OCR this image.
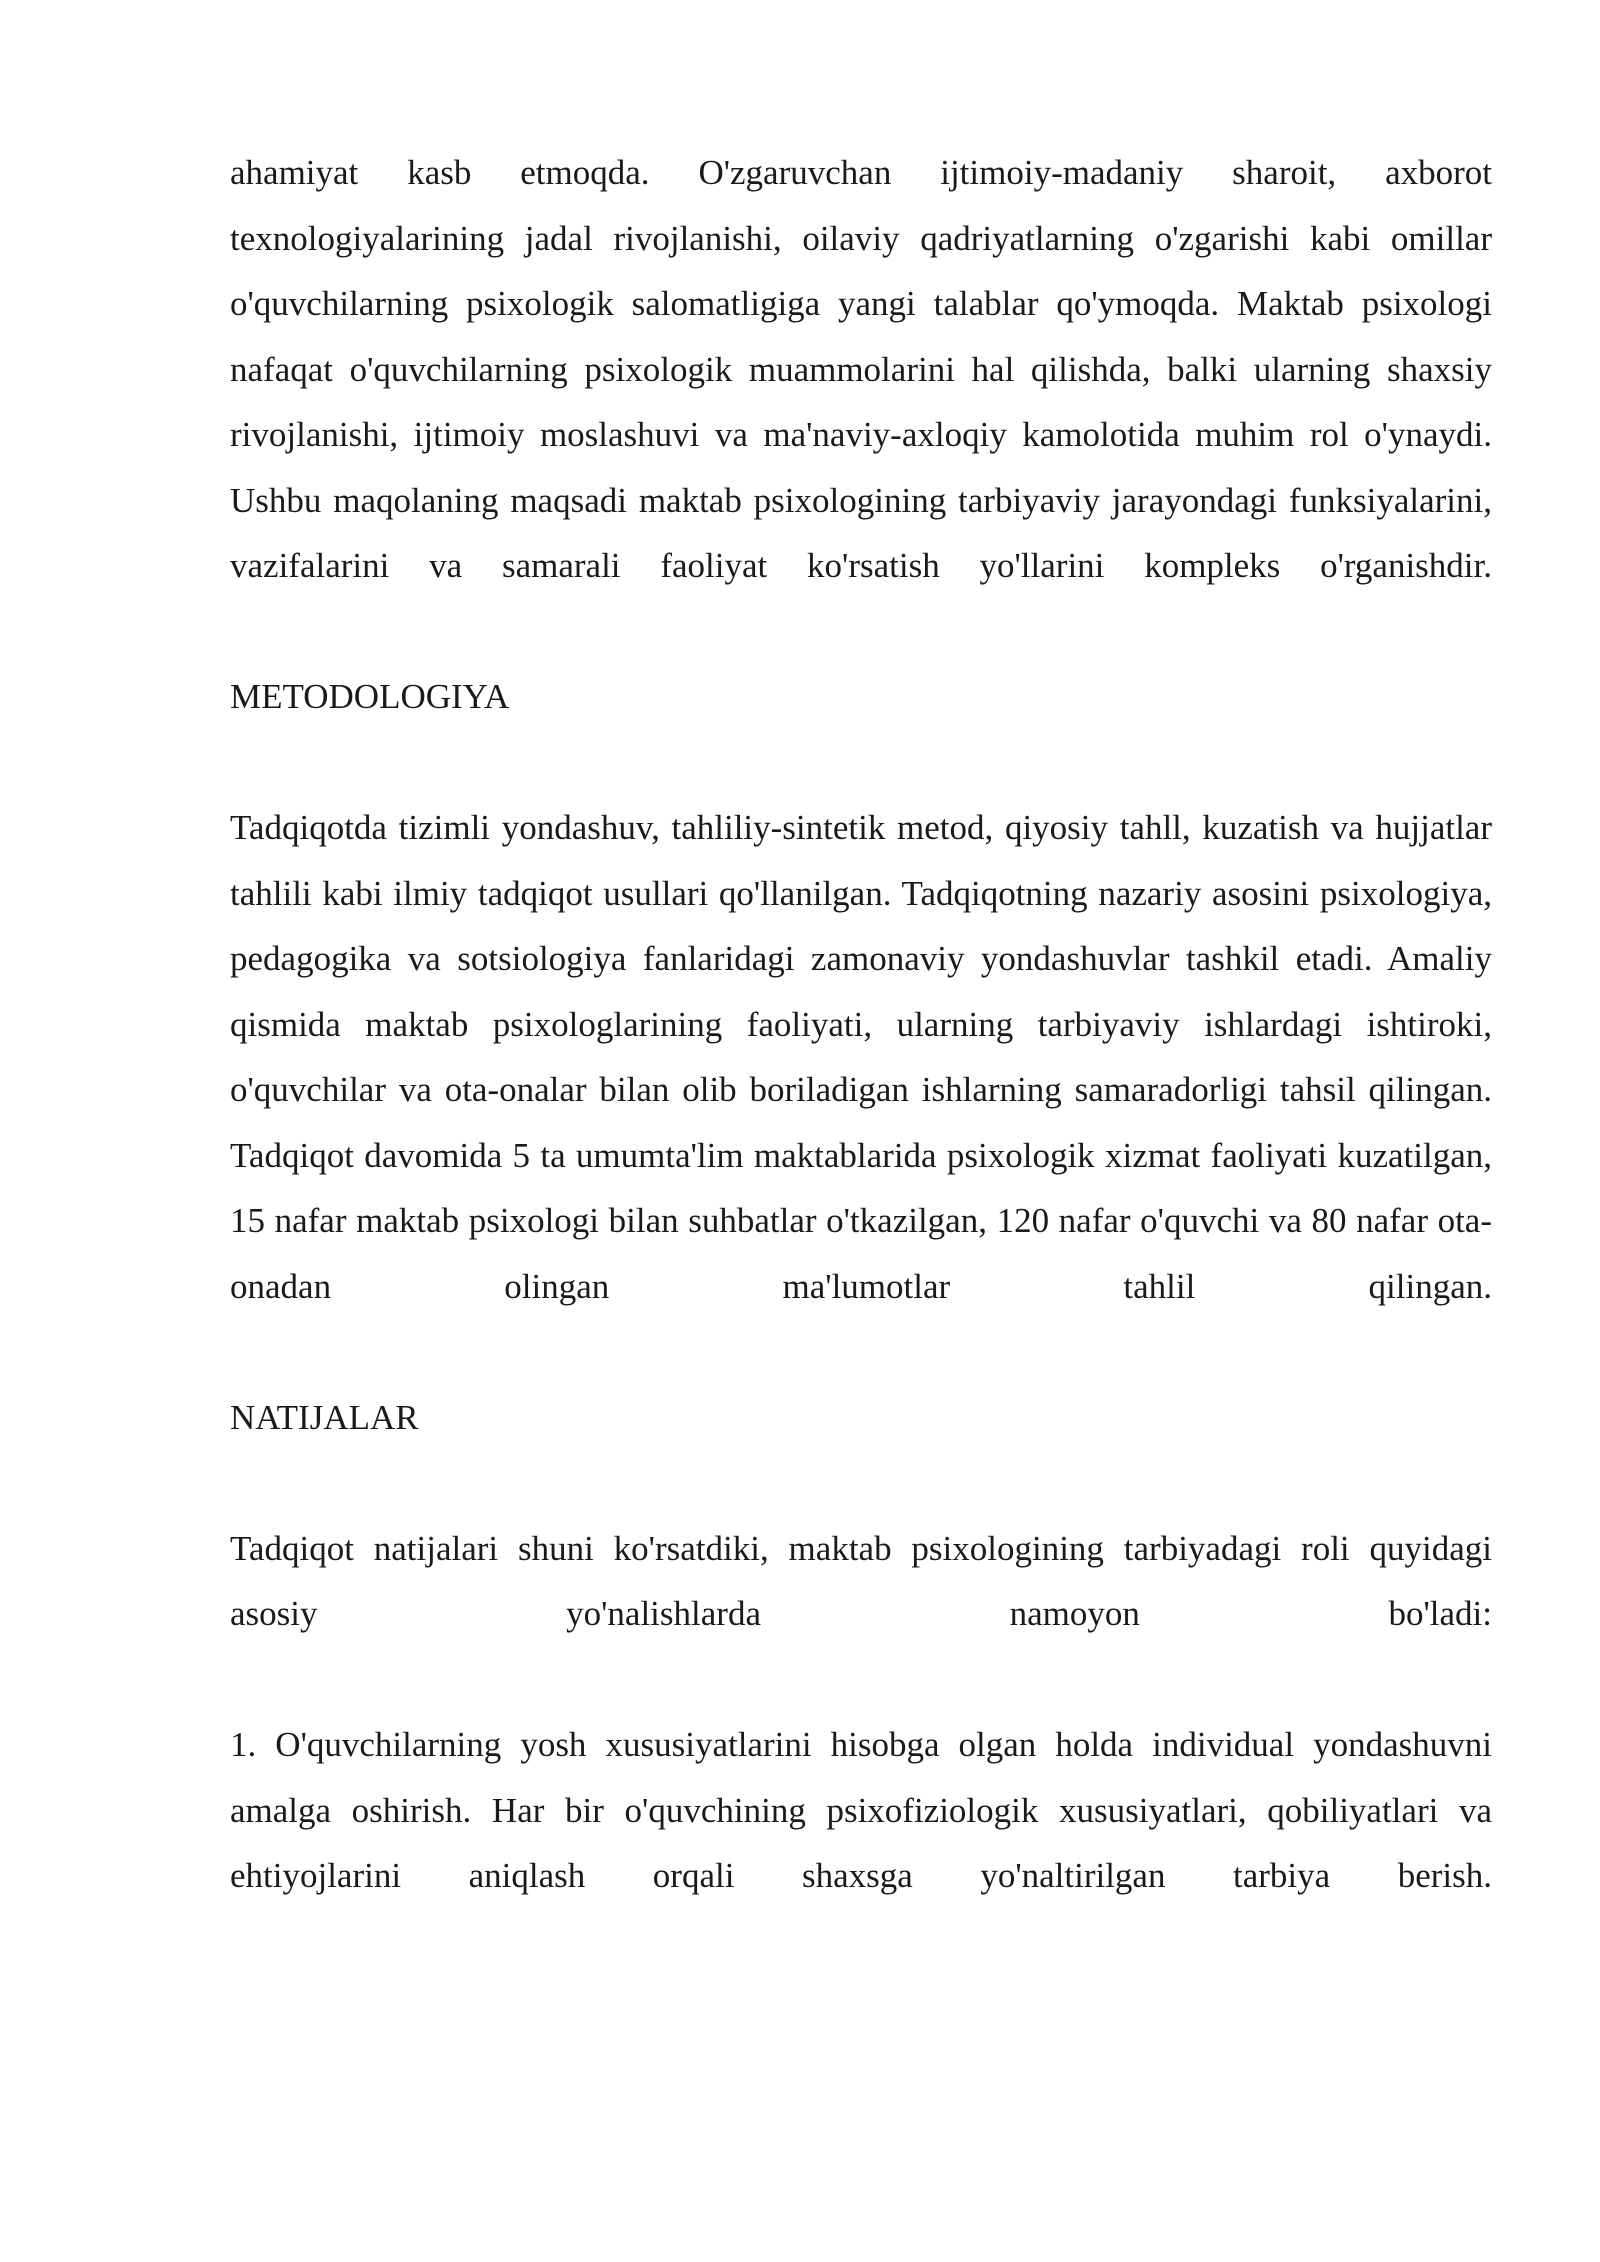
ahamiyat kasb etmoqda. O'zgaruvchan ijtimoiy-madaniy sharoit, axborot texnologiyalarining jadal rivojlanishi, oilaviy qadriyatlarning o'zgarishi kabi omillar o'quvchilarning psixologik salomatligiga yangi talablar qo'ymoqda. Maktab psixologi nafaqat o'quvchilarning psixologik muammolarini hal qilishda, balki ularning shaxsiy rivojlanishi, ijtimoiy moslashuvi va ma'naviy-axloqiy kamolotida muhim rol o'ynaydi. Ushbu maqolaning maqsadi maktab psixologining tarbiyaviy jarayondagi funksiyalarini, vazifalarini va samarali faoliyat ko'rsatish yo'llarini kompleks o'rganishdir.

METODOLOGIYA

Tadqiqotda tizimli yondashuv, tahliliy-sintetik metod, qiyosiy tahll, kuzatish va hujjatlar tahlili kabi ilmiy tadqiqot usullari qo'llanilgan. Tadqiqotning nazariy asosini psixologiya, pedagogika va sotsiologiya fanlaridagi zamonaviy yondashuvlar tashkil etadi. Amaliy qismida maktab psixologlarining faoliyati, ularning tarbiyaviy ishlardagi ishtiroki, o'quvchilar va ota-onalar bilan olib boriladigan ishlarning samaradorligi tahsil qilingan. Tadqiqot davomida 5 ta umumta'lim maktablarida psixologik xizmat faoliyati kuzatilgan, 15 nafar maktab psixologi bilan suhbatlar o'tkazilgan, 120 nafar o'quvchi va 80 nafar ota-onadan olingan ma'lumotlar tahlil qilingan.

NATIJALAR

Tadqiqot natijalari shuni ko'rsatdiki, maktab psixologining tarbiyadagi roli quyidagi asosiy yo'nalishlarda namoyon bo'ladi:

1. O'quvchilarning yosh xususiyatlarini hisobga olgan holda individual yondashuvni amalga oshirish. Har bir o'quvchining psixofiziologik xususiyatlari, qobiliyatlari va ehtiyojlarini aniqlash orqali shaxsga yo'naltirilgan tarbiya berish.
